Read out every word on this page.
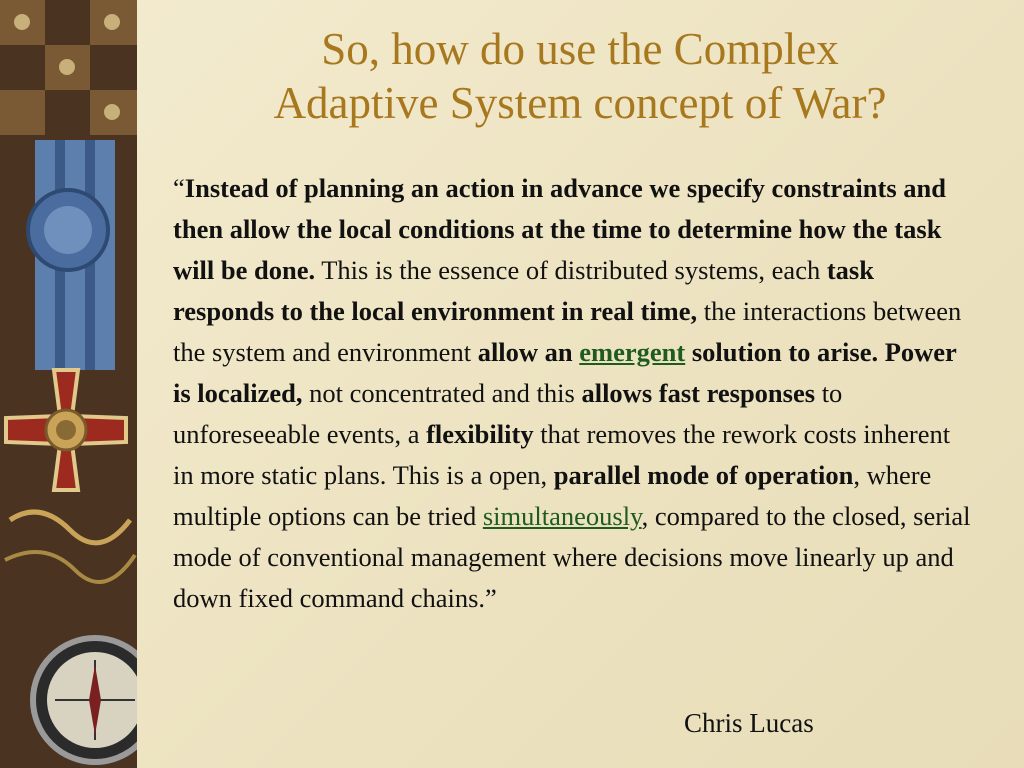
So, how do use the Complex
Adaptive System concept of War?
“Instead of planning an action in advance we specify constraints and then allow the local conditions at the time to determine how the task will be done. This is the essence of distributed systems, each task responds to the local environment in real time, the interactions between the system and environment allow an emergent solution to arise. Power is localized, not concentrated and this allows fast responses to unforeseeable events, a flexibility that removes the rework costs inherent in more static plans. This is a open, parallel mode of operation, where multiple options can be tried simultaneously, compared to the closed, serial mode of conventional management where decisions move linearly up and down fixed command chains.”
Chris Lucas
